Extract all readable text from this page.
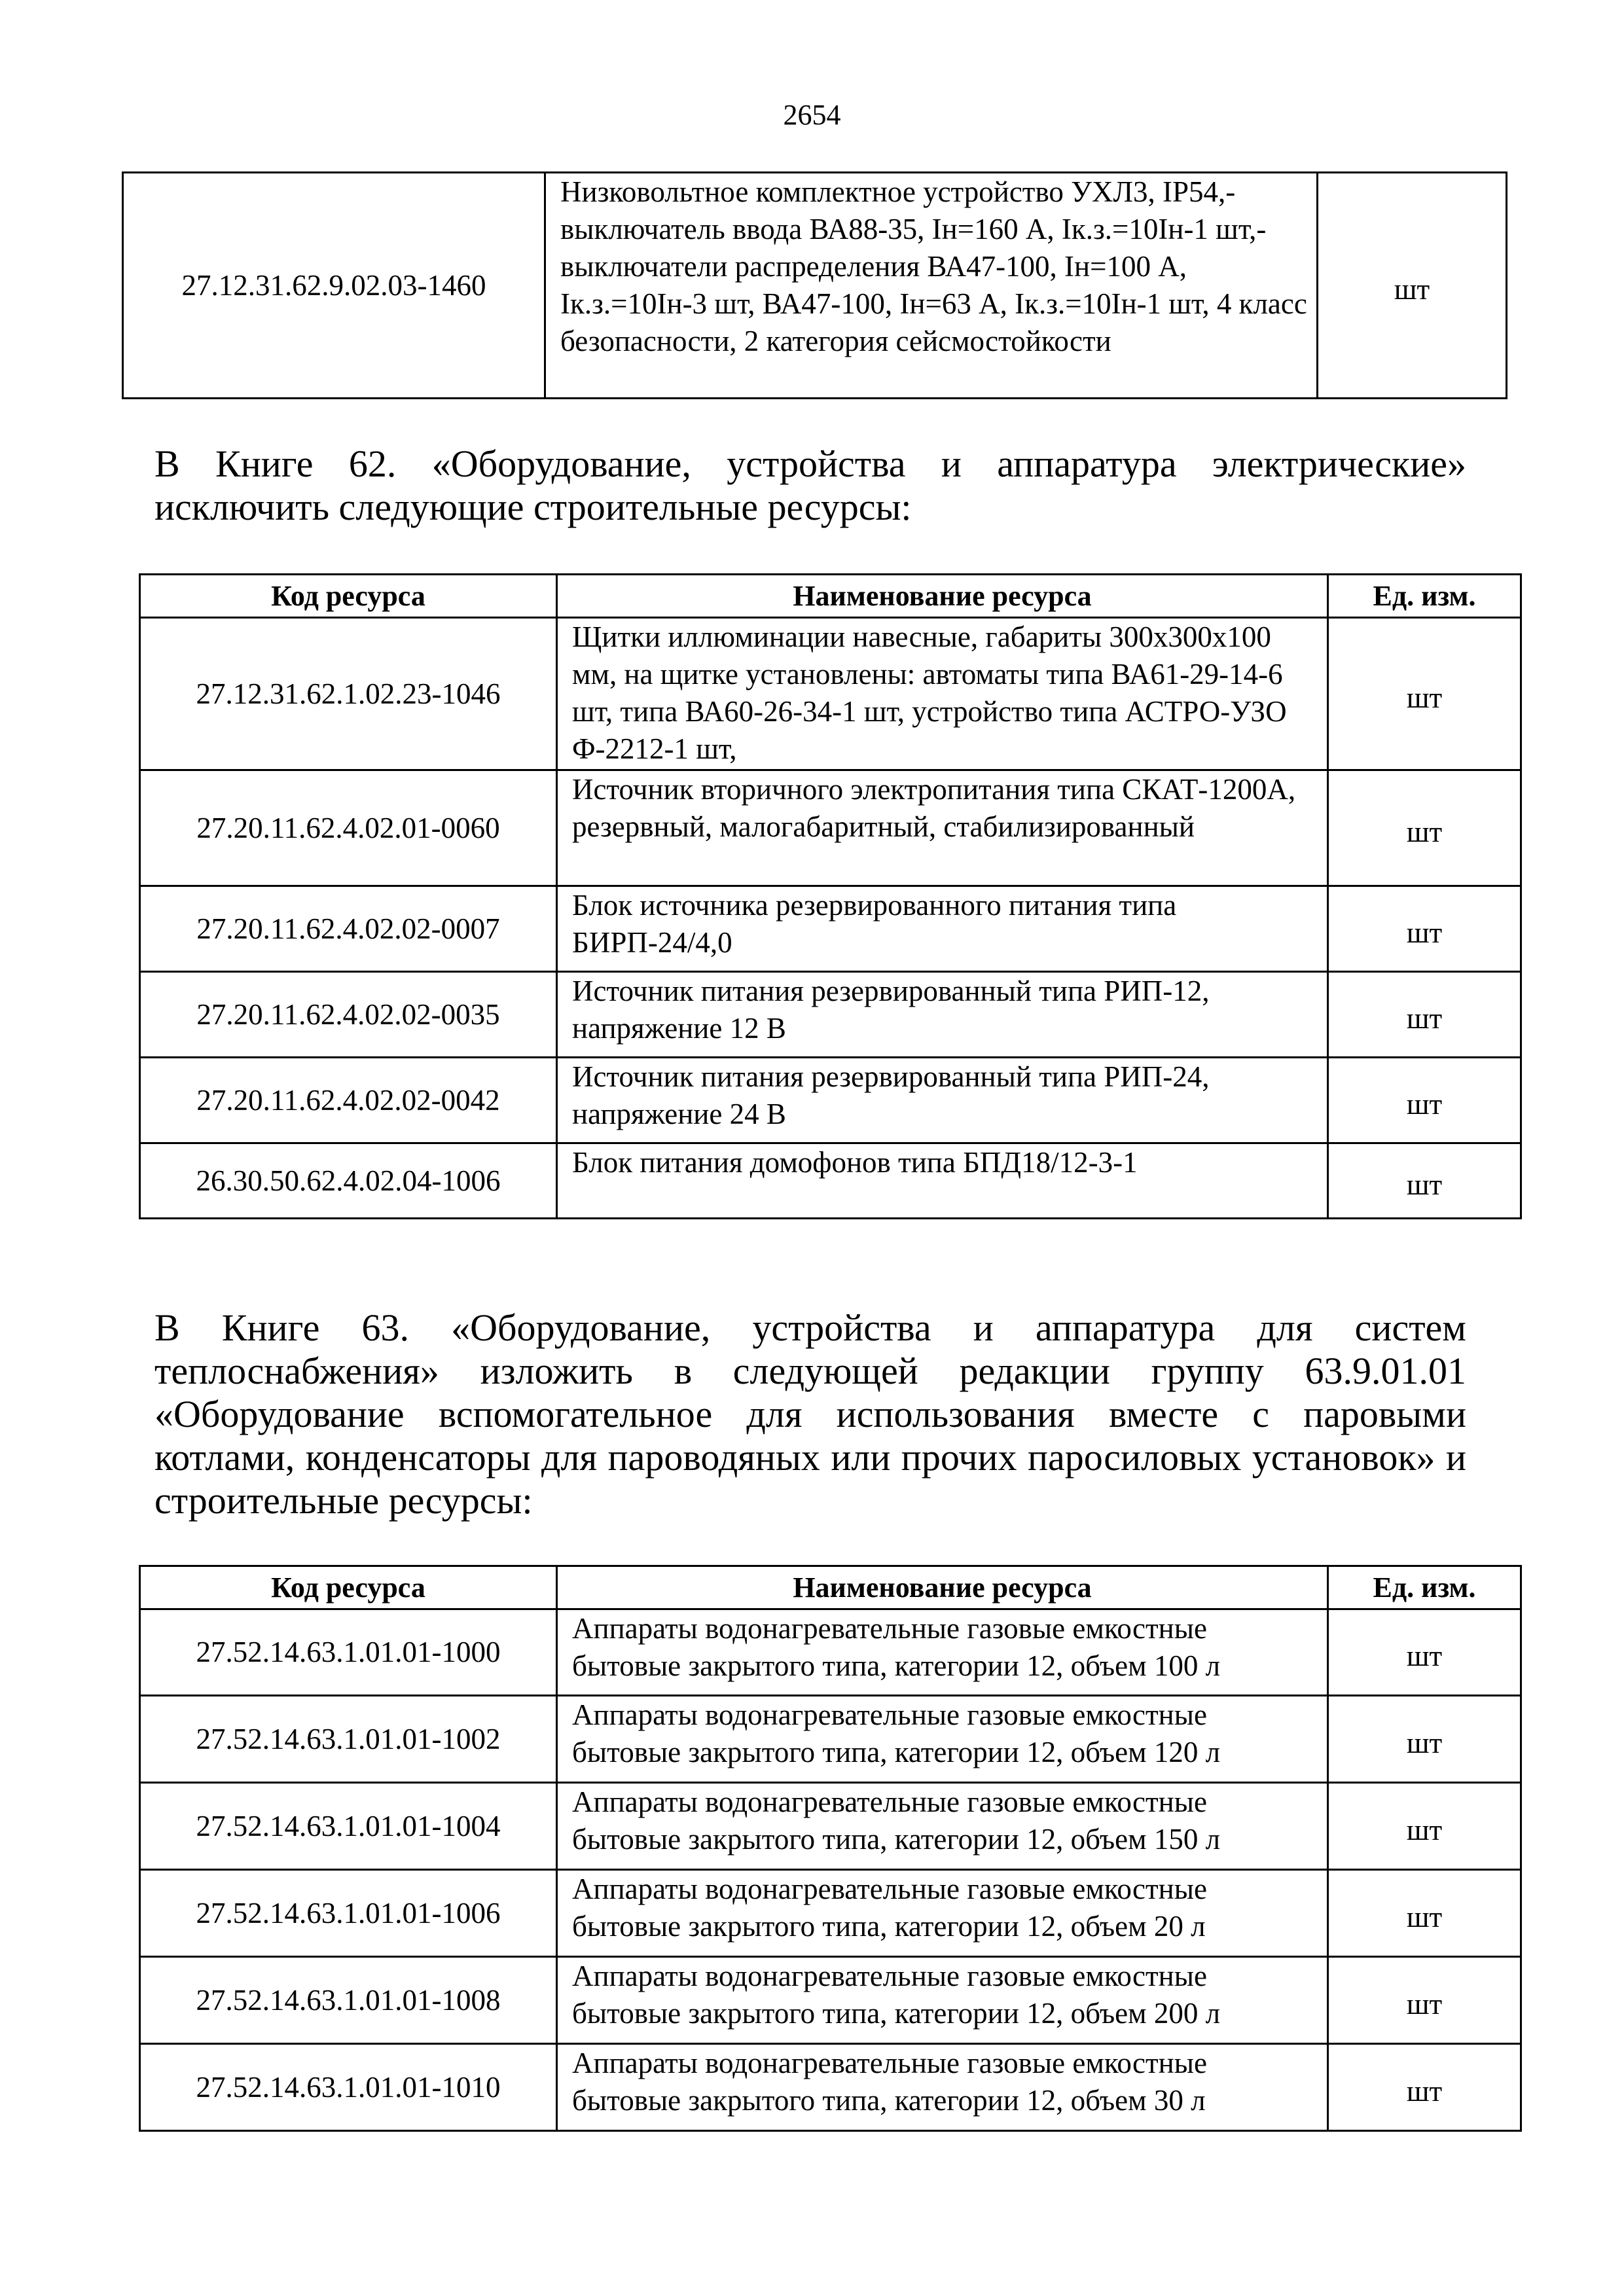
2654
27.12.31.62.9.02.03-1460	Низковольтное комплектное устройство УХЛ3, IP54,-выключатель ввода ВА88-35, Iн=160 А, Iк.з.=10Iн-1 шт,-выключатели распределения ВА47-100, Iн=100 А, Iк.з.=10Iн-3 шт, ВА47-100, Iн=63 А, Iк.з.=10Iн-1 шт, 4 класс безопасности, 2 категория сейсмостойкости	шт

В Книге 62. «Оборудование, устройства и аппаратура электрические» исключить следующие строительные ресурсы:

Код ресурса	Наименование ресурса	Ед. изм.
27.12.31.62.1.02.23-1046	Щитки иллюминации навесные, габариты 300х300х100 мм, на щитке установлены: автоматы типа ВА61-29-14-6 шт, типа ВА60-26-34-1 шт, устройство типа АСТРО-УЗО Ф-2212-1 шт,	шт
27.20.11.62.4.02.01-0060	Источник вторичного электропитания типа СКАТ-1200А, резервный, малогабаритный, стабилизированный	шт
27.20.11.62.4.02.02-0007	Блок источника резервированного питания типа БИРП-24/4,0	шт
27.20.11.62.4.02.02-0035	Источник питания резервированный типа РИП-12, напряжение 12 В	шт
27.20.11.62.4.02.02-0042	Источник питания резервированный типа РИП-24, напряжение 24 В	шт
26.30.50.62.4.02.04-1006	Блок питания домофонов типа БПД18/12-3-1	шт

В Книге 63. «Оборудование, устройства и аппаратура для систем теплоснабжения» изложить в следующей редакции группу 63.9.01.01 «Оборудование вспомогательное для использования вместе с паровыми котлами, конденсаторы для пароводяных или прочих паросиловых установок» и строительные ресурсы:

Код ресурса	Наименование ресурса	Ед. изм.
27.52.14.63.1.01.01-1000	Аппараты водонагревательные газовые емкостные бытовые закрытого типа, категории 12, объем 100 л	шт
27.52.14.63.1.01.01-1002	Аппараты водонагревательные газовые емкостные бытовые закрытого типа, категории 12, объем 120 л	шт
27.52.14.63.1.01.01-1004	Аппараты водонагревательные газовые емкостные бытовые закрытого типа, категории 12, объем 150 л	шт
27.52.14.63.1.01.01-1006	Аппараты водонагревательные газовые емкостные бытовые закрытого типа, категории 12, объем 20 л	шт
27.52.14.63.1.01.01-1008	Аппараты водонагревательные газовые емкостные бытовые закрытого типа, категории 12, объем 200 л	шт
27.52.14.63.1.01.01-1010	Аппараты водонагревательные газовые емкостные бытовые закрытого типа, категории 12, объем 30 л	шт
